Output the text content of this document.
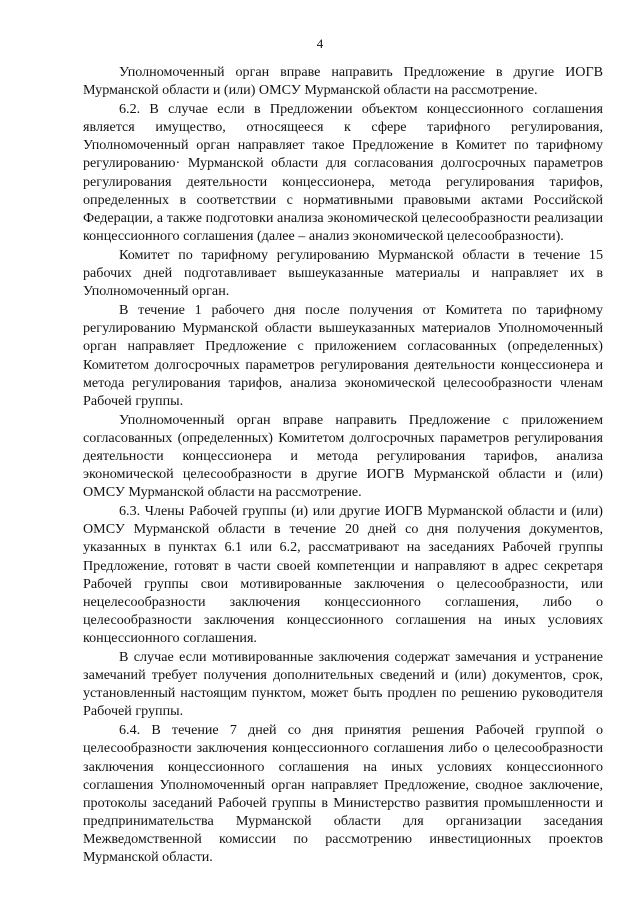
4

Уполномоченный орган вправе направить Предложение в другие ИОГВ Мурманской области и (или) ОМСУ Мурманской области на рассмотрение.

6.2. В случае если в Предложении объектом концессионного соглашения является имущество, относящееся к сфере тарифного регулирования, Уполномоченный орган направляет такое Предложение в Комитет по тарифному регулированию· Мурманской области для согласования долгосрочных параметров регулирования деятельности концессионера, метода регулирования тарифов, определенных в соответствии с нормативными правовыми актами Российской Федерации, а также подготовки анализа экономической целесообразности реализации концессионного соглашения (далее – анализ экономической целесообразности).

Комитет по тарифному регулированию Мурманской области в течение 15 рабочих дней подготавливает вышеуказанные материалы и направляет их в Уполномоченный орган.

В течение 1 рабочего дня после получения от Комитета по тарифному регулированию Мурманской области вышеуказанных материалов Уполномоченный орган направляет Предложение с приложением согласованных (определенных) Комитетом долгосрочных параметров регулирования деятельности концессионера и метода регулирования тарифов, анализа экономической целесообразности членам Рабочей группы.

Уполномоченный орган вправе направить Предложение с приложением согласованных (определенных) Комитетом долгосрочных параметров регулирования деятельности концессионера и метода регулирования тарифов, анализа экономической целесообразности в другие ИОГВ Мурманской области и (или) ОМСУ Мурманской области на рассмотрение.

6.3. Члены Рабочей группы (и) или другие ИОГВ Мурманской области и (или) ОМСУ Мурманской области в течение 20 дней со дня получения документов, указанных в пунктах 6.1 или 6.2, рассматривают на заседаниях Рабочей группы Предложение, готовят в части своей компетенции и направляют в адрес секретаря Рабочей группы свои мотивированные заключения о целесообразности, или нецелесообразности заключения концессионного соглашения, либо о целесообразности заключения концессионного соглашения на иных условиях концессионного соглашения.

В случае если мотивированные заключения содержат замечания и устранение замечаний требует получения дополнительных сведений и (или) документов, срок, установленный настоящим пунктом, может быть продлен по решению руководителя Рабочей группы.

6.4. В течение 7 дней со дня принятия решения Рабочей группой о целесообразности заключения концессионного соглашения либо о целесообразности заключения концессионного соглашения на иных условиях концессионного соглашения Уполномоченный орган направляет Предложение, сводное заключение, протоколы заседаний Рабочей группы в Министерство развития промышленности и предпринимательства Мурманской области для организации заседания Межведомственной комиссии по рассмотрению инвестиционных проектов Мурманской области.
